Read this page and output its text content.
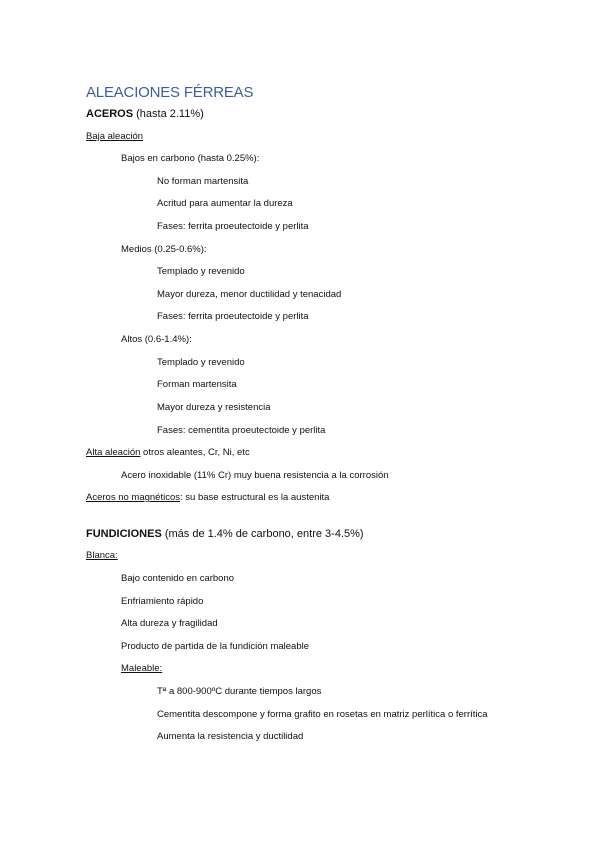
ALEACIONES FÉRREAS
ACEROS (hasta 2.11%)
Baja aleación
Bajos en carbono (hasta 0.25%):
No forman martensita
Acritud para aumentar la dureza
Fases: ferrita proeutectoide y perlita
Medios (0.25-0.6%):
Templado y revenido
Mayor dureza, menor ductilidad y tenacidad
Fases: ferrita proeutectoide y perlita
Altos (0.6-1.4%):
Templado y revenido
Forman martensita
Mayor dureza y resistencia
Fases: cementita proeutectoide y perlita
Alta aleación otros aleantes, Cr, Ni, etc
Acero inoxidable (11% Cr) muy buena resistencia a la corrosión
Aceros no magnéticos: su base estructural es la austenita
FUNDICIONES (más de 1.4% de carbono, entre 3-4.5%)
Blanca:
Bajo contenido en carbono
Enfriamiento rápido
Alta dureza y fragilidad
Producto de partida de la fundición maleable
Maleable:
Tª a 800-900ºC durante tiempos largos
Cementita descompone y forma grafito en rosetas en matriz perlítica o ferrítica
Aumenta la resistencia y ductilidad
